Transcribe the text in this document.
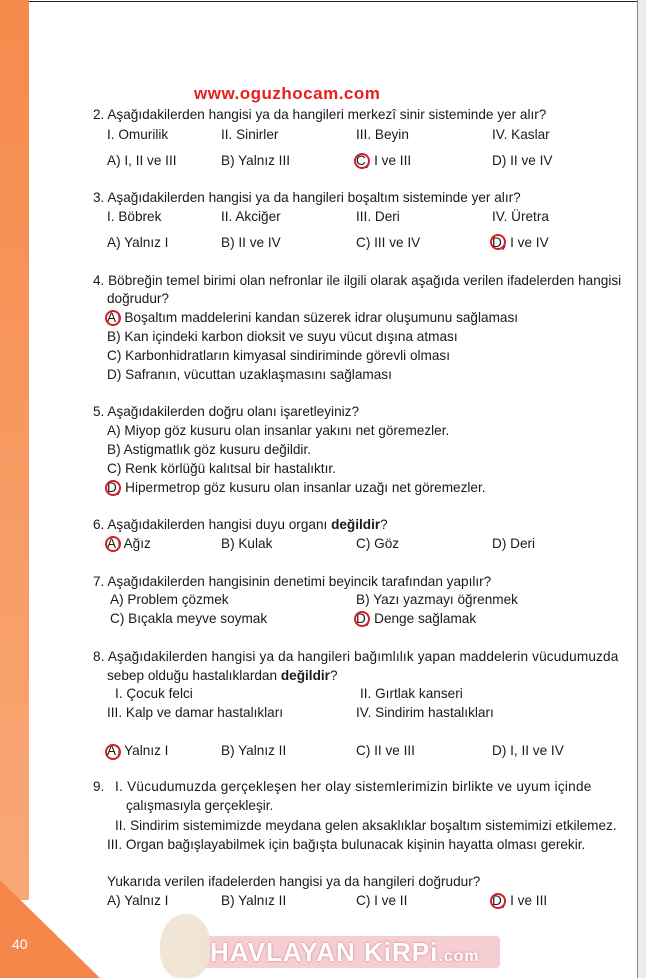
40
www.oguzhocam.com
2. Aşağıdakilerden hangisi ya da hangileri merkezî sinir sisteminde yer alır?
I. Omurilik	II. Sinirler	III. Beyin	IV. Kaslar
A) I, II ve III	B) Yalnız III	C) I ve III	D) II ve IV
3. Aşağıdakilerden hangisi ya da hangileri boşaltım sisteminde yer alır?
I. Böbrek	II. Akciğer	III. Deri	IV. Üretra
A) Yalnız I	B) II ve IV	C) III ve IV	D) I ve IV
4. Böbreğin temel birimi olan nefronlar ile ilgili olarak aşağıda verilen ifadelerden hangisi
doğrudur?
A) Boşaltım maddelerini kandan süzerek idrar oluşumunu sağlaması
B) Kan içindeki karbon dioksit ve suyu vücut dışına atması
C) Karbonhidratların kimyasal sindiriminde görevli olması
D) Safranın, vücuttan uzaklaşmasını sağlaması
5. Aşağıdakilerden doğru olanı işaretleyiniz?
A) Miyop göz kusuru olan insanlar yakını net göremezler.
B) Astigmatlık göz kusuru değildir.
C) Renk körlüğü kalıtsal bir hastalıktır.
D) Hipermetrop göz kusuru olan insanlar uzağı net göremezler.
6. Aşağıdakilerden hangisi duyu organı değildir?
A) Ağız	B) Kulak	C) Göz	D) Deri
7. Aşağıdakilerden hangisinin denetimi beyincik tarafından yapılır?
A) Problem çözmek	B) Yazı yazmayı öğrenmek
C) Bıçakla meyve soymak	D) Denge sağlamak
8. Aşağıdakilerden hangisi ya da hangileri bağımlılık yapan maddelerin vücudumuzda
sebep olduğu hastalıklardan değildir?
I. Çocuk felci	II. Gırtlak kanseri
III. Kalp ve damar hastalıkları	IV. Sindirim hastalıkları
A) Yalnız I	B) Yalnız II	C) II ve III	D) I, II ve IV
9. I. Vücudumuzda gerçekleşen her olay sistemlerimizin birlikte ve uyum içinde
çalışmasıyla gerçekleşir.
II. Sindirim sistemimizde meydana gelen aksaklıklar boşaltım sistemimizi etkilemez.
III. Organ bağışlayabilmek için bağışta bulunacak kişinin hayatta olması gerekir.
Yukarıda verilen ifadelerden hangisi ya da hangileri doğrudur?
A) Yalnız I	B) Yalnız II	C) I ve II	D) I ve III
HAVLAYAN KiRPi.com
